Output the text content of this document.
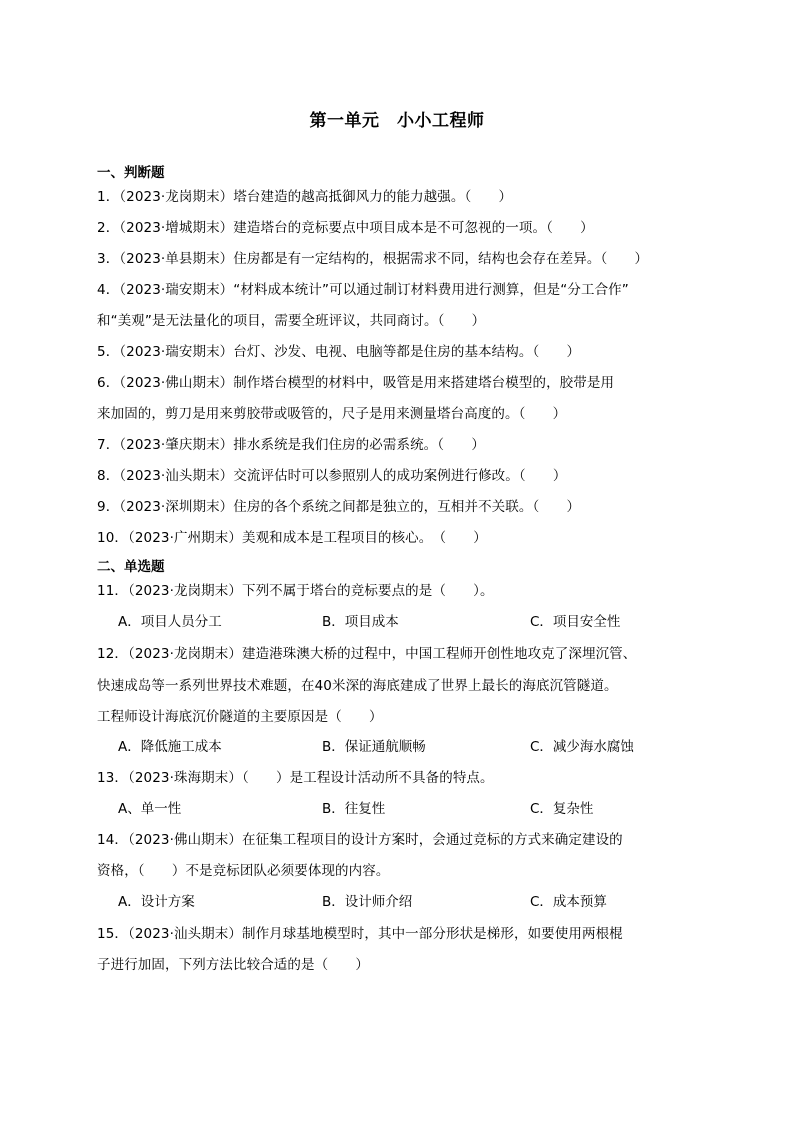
第一单元　小小工程师
一、判断题
1．（2023·龙岗期末）塔台建造的越高抵御风力的能力越强。（　　）
2．（2023·增城期末）建造塔台的竞标要点中项目成本是不可忽视的一项。（　　）
3．（2023·单县期末）住房都是有一定结构的，根据需求不同，结构也会存在差异。（　　）
4．（2023·瑞安期末）“材料成本统计”可以通过制订材料费用进行测算，但是“分工合作”
和“美观”是无法量化的项目，需要全班评议，共同商讨。（　　）
5．（2023·瑞安期末）台灯、沙发、电视、电脑等都是住房的基本结构。（　　）
6．（2023·佛山期末）制作塔台模型的材料中，吸管是用来搭建塔台模型的，胶带是用
来加固的，剪刀是用来剪胶带或吸管的，尺子是用来测量塔台高度的。（　　）
7．（2023·肇庆期末）排水系统是我们住房的必需系统。（　　）
8．（2023·汕头期末）交流评估时可以参照别人的成功案例进行修改。（　　）
9．（2023·深圳期末）住房的各个系统之间都是独立的，互相并不关联。（　　）
10．（2023·广州期末）美观和成本是工程项目的核心。　（　　）
二、单选题
11．（2023·龙岗期末）下列不属于塔台的竞标要点的是（　　）。
A．项目人员分工	B．项目成本	C．项目安全性
12．（2023·龙岗期末）建造港珠澳大桥的过程中，中国工程师开创性地攻克了深埋沉管、
快速成岛等一系列世界技术难题，在40米深的海底建成了世界上最长的海底沉管隧道。
工程师设计海底沉价隧道的主要原因是（　　）
A．降低施工成本	B．保证通航顺畅	C．减少海水腐蚀
13．（2023·珠海期末）（　　）是工程设计活动所不具备的特点。
A、单一性	B．往复性	C．复杂性
14．（2023·佛山期末）在征集工程项目的设计方案时，会通过竞标的方式来确定建设的
资格，（　　）不是竞标团队必须要体现的内容。
A．设计方案	B．设计师介绍	C．成本预算
15．（2023·汕头期末）制作月球基地模型时，其中一部分形状是梯形，如要使用两根棍
子进行加固，下列方法比较合适的是（　　）
